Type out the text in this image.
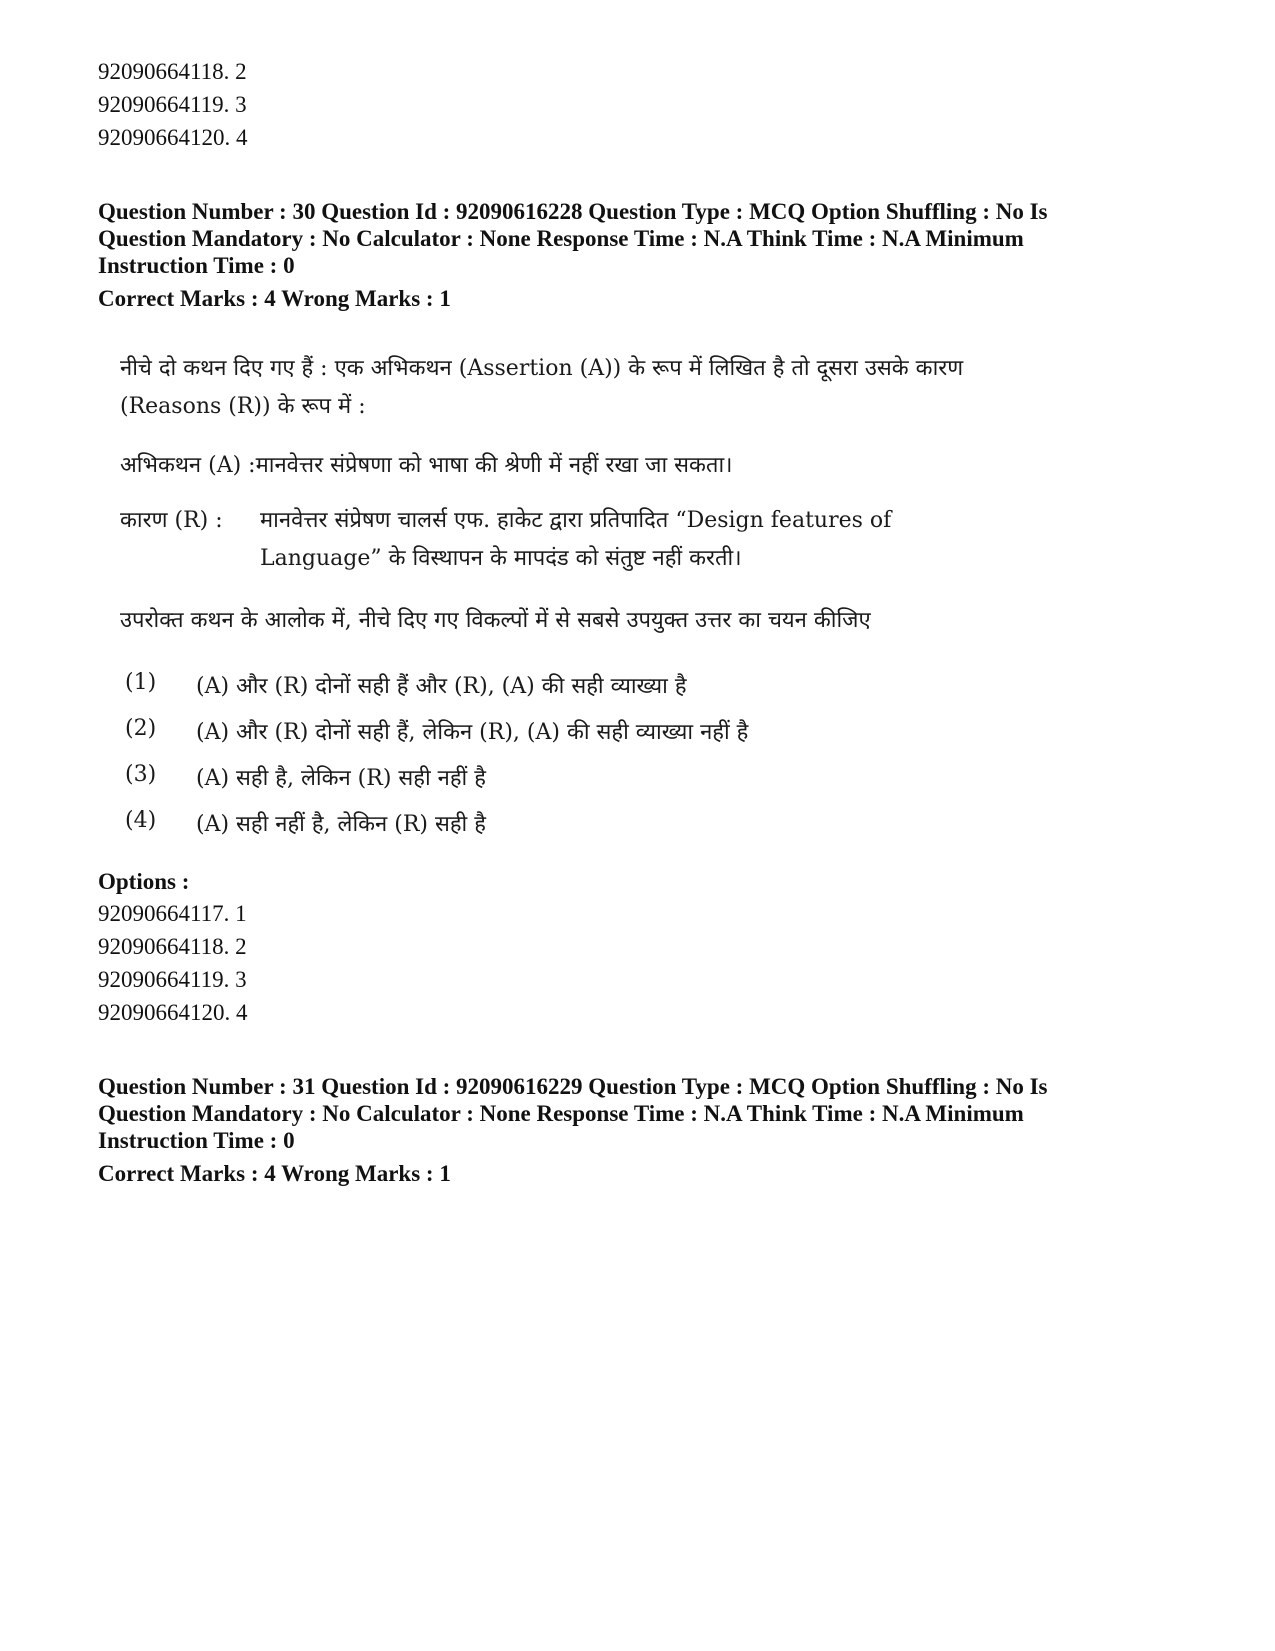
92090664118. 2
92090664119. 3
92090664120. 4
Question Number : 30 Question Id : 92090616228 Question Type : MCQ Option Shuffling : No Is
Question Mandatory : No Calculator : None Response Time : N.A Think Time : N.A Minimum
Instruction Time : 0
Correct Marks : 4 Wrong Marks : 1
नीचे दो कथन दिए गए हैं : एक अभिकथन (Assertion (A)) के रूप में लिखित है तो दूसरा उसके कारण
(Reasons (R)) के रूप में :
अभिकथन (A) :मानवेत्तर संप्रेषणा को भाषा की श्रेणी में नहीं रखा जा सकता।
कारण (R) : मानवेत्तर संप्रेषण चालर्स एफ. हाकेट द्वारा प्रतिपादित “Design features of
Language” के विस्थापन के मापदंड को संतुष्ट नहीं करती।
उपरोक्त कथन के आलोक में, नीचे दिए गए विकल्पों में से सबसे उपयुक्त उत्तर का चयन कीजिए
(1) (A) और (R) दोनों सही हैं और (R), (A) की सही व्याख्या है
(2) (A) और (R) दोनों सही हैं, लेकिन (R), (A) की सही व्याख्या नहीं है
(3) (A) सही है, लेकिन (R) सही नहीं है
(4) (A) सही नहीं है, लेकिन (R) सही है
Options :
92090664117. 1
92090664118. 2
92090664119. 3
92090664120. 4
Question Number : 31 Question Id : 92090616229 Question Type : MCQ Option Shuffling : No Is
Question Mandatory : No Calculator : None Response Time : N.A Think Time : N.A Minimum
Instruction Time : 0
Correct Marks : 4 Wrong Marks : 1
